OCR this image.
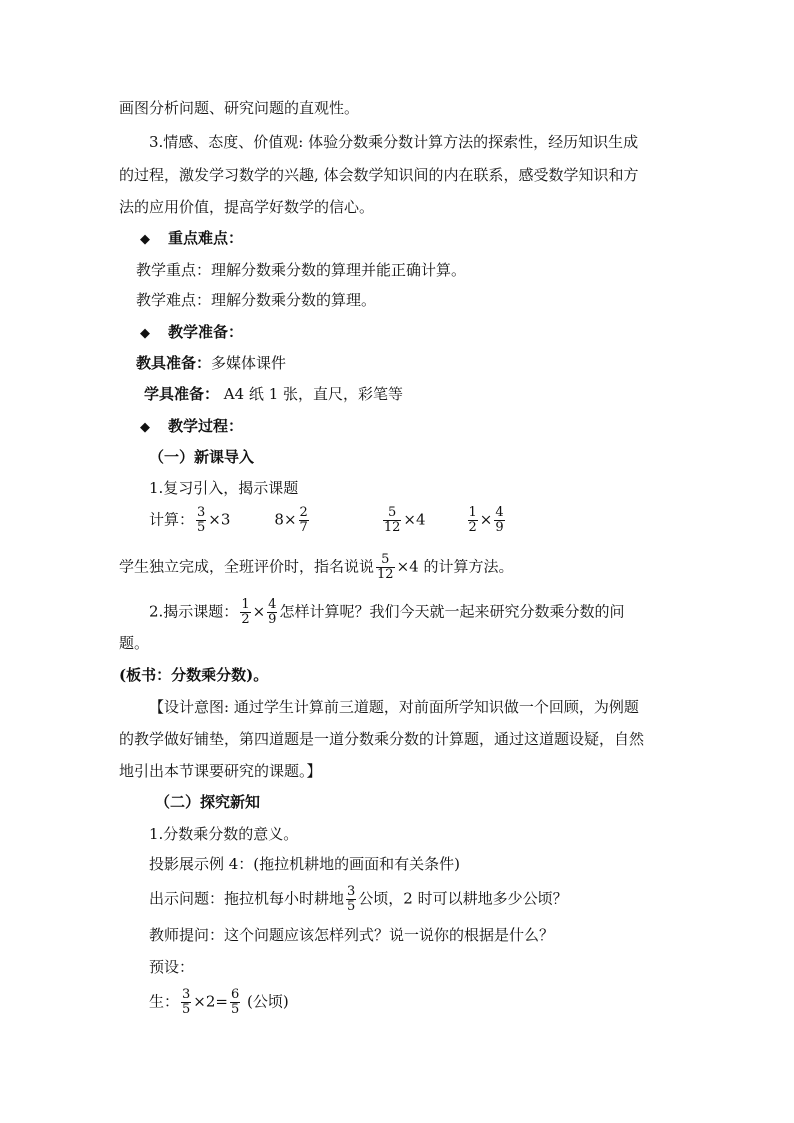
画图分析问题、研究问题的直观性。
3.情感、态度、价值观: 体验分数乘分数计算方法的探索性，经历知识生成
的过程，激发学习数学的兴趣, 体会数学知识间的内在联系，感受数学知识和方
法的应用价值，提高学好数学的信心。
◆ 重点难点：
教学重点：理解分数乘分数的算理并能正确计算。
教学难点：理解分数乘分数的算理。
◆ 教学准备：
教具准备：多媒体课件
学具准备： A4 纸 1 张，直尺，彩笔等
◆ 教学过程：
（一）新课导入
1.复习引入，揭示课题
计算： $\frac{3}{5} \times 3$	$8\times \frac{2}{7}$	$\frac{5}{12} \times 4$	$\frac{1}{2} \times \frac{4}{9}$
学生独立完成，全班评价时，指名说说 $\frac{5}{12} \times 4$ 的计算方法。
2.揭示课题： $\frac{1}{2} \times \frac{4}{9}$ 怎样计算呢？我们今天就一起来研究分数乘分数的问
题。
(板书：分数乘分数)。
【设计意图: 通过学生计算前三道题，对前面所学知识做一个回顾，为例题
的教学做好铺垫，第四道题是一道分数乘分数的计算题，通过这道题设疑，自然
地引出本节课要研究的课题。】
（二）探究新知
1.分数乘分数的意义。
投影展示例 4：(拖拉机耕地的画面和有关条件)
出示问题：拖拉机每小时耕地 $\frac{3}{5}$ 公顷，2 时可以耕地多少公顷？
教师提问：这个问题应该怎样列式？说一说你的根据是什么？
预设：
生： $\frac{3}{5} \times 2= \frac{6}{5}$ (公顷)
